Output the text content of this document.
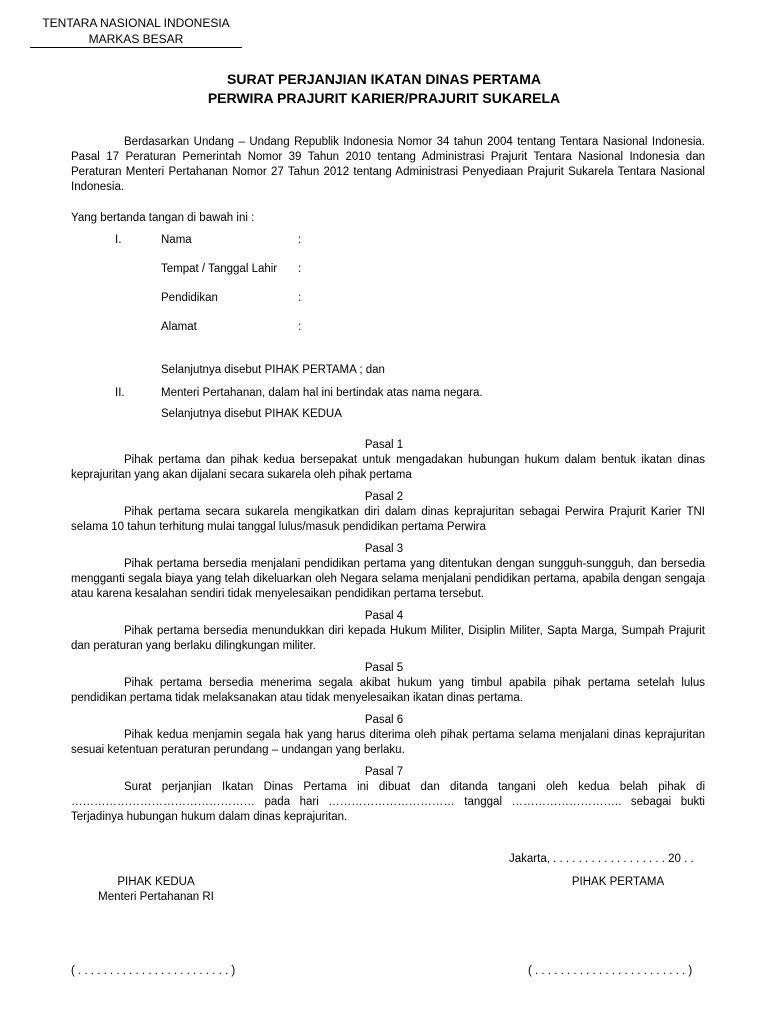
TENTARA NASIONAL INDONESIA
MARKAS BESAR
SURAT PERJANJIAN IKATAN DINAS PERTAMA
PERWIRA PRAJURIT KARIER/PRAJURIT SUKARELA
Berdasarkan Undang – Undang Republik Indonesia Nomor 34 tahun 2004 tentang Tentara Nasional Indonesia. Pasal 17 Peraturan Pemerintah Nomor 39 Tahun 2010 tentang Administrasi Prajurit Tentara Nasional Indonesia dan Peraturan Menteri Pertahanan Nomor 27 Tahun 2012 tentang Administrasi Penyediaan Prajurit Sukarela Tentara Nasional Indonesia.
Yang bertanda tangan di bawah ini :
I.	Nama	:
Tempat / Tanggal Lahir :
Pendidikan	:
Alamat	:
Selanjutnya disebut PIHAK PERTAMA ; dan
II.	Menteri Pertahanan, dalam hal ini bertindak atas nama negara.
Selanjutnya disebut PIHAK KEDUA
Pasal 1
Pihak pertama dan pihak kedua bersepakat untuk mengadakan hubungan hukum dalam bentuk ikatan dinas keprajuritan yang akan dijalani secara sukarela oleh pihak pertama
Pasal 2
Pihak pertama secara sukarela mengikatkan diri dalam dinas keprajuritan sebagai Perwira Prajurit Karier TNI selama 10 tahun terhitung mulai tanggal lulus/masuk pendidikan pertama Perwira
Pasal 3
Pihak pertama bersedia menjalani pendidikan pertama yang ditentukan dengan sungguh-sungguh, dan bersedia mengganti segala biaya yang telah dikeluarkan oleh Negara selama menjalani pendidikan pertama, apabila dengan sengaja atau karena kesalahan sendiri tidak menyelesaikan pendidikan pertama tersebut.
Pasal 4
Pihak pertama bersedia menundukkan diri kepada Hukum Militer, Disiplin Militer, Sapta Marga, Sumpah Prajurit dan peraturan yang berlaku dilingkungan militer.
Pasal 5
Pihak pertama bersedia menerima segala akibat hukum yang timbul apabila pihak pertama setelah lulus pendidikan pertama tidak melaksanakan atau tidak menyelesaikan ikatan dinas pertama.
Pasal 6
Pihak kedua menjamin segala hak yang harus diterima oleh pihak pertama selama menjalani dinas keprajuritan sesuai ketentuan peraturan perundang – undangan yang berlaku.
Pasal 7
Surat perjanjian Ikatan Dinas Pertama ini dibuat dan ditanda tangani oleh kedua belah pihak di ………………………………………… pada hari …………………………… tanggal ……………………….. sebagai bukti Terjadinya hubungan hukum dalam dinas keprajuritan.
Jakarta, . . . . . . . . . . . . . . . . . . 20 . .
PIHAK KEDUA
Menteri Pertahanan RI
PIHAK PERTAMA
( . . . . . . . . . . . . . . . . . . . . . . . . )	( . . . . . . . . . . . . . . . . . . . . . . . . )
